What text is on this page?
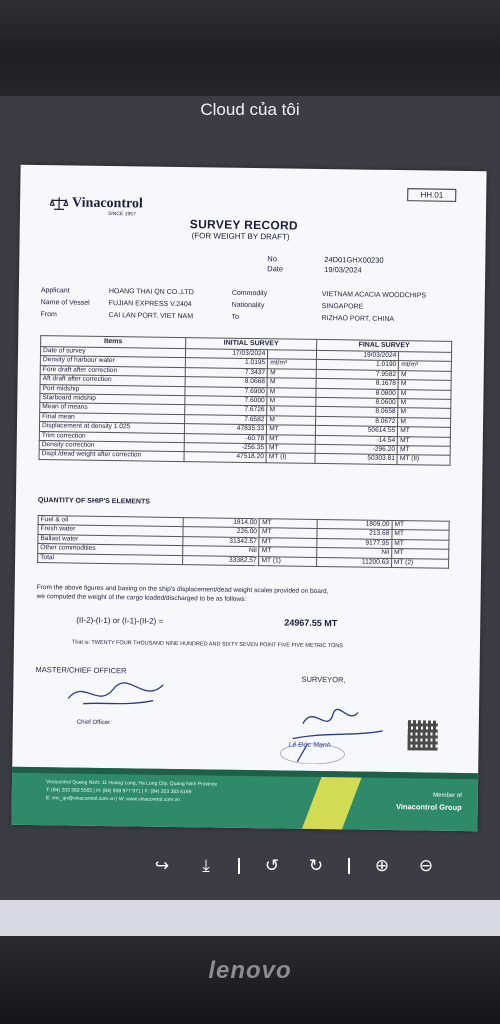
Cloud của tôi
HH.01
Vinacontrol
SINCE 1957
SURVEY RECORD
(FOR WEIGHT BY DRAFT)
No.	24D01GHX00230
Date	19/03/2024
Applicant	HOANG THAI QN CO.,LTD
Name of Vessel	FUJIAN EXPRESS V.2404
From	CAI LAN PORT, VIET NAM
Commodity	VIETNAM ACACIA WOODCHIPS
Nationality	SINGAPORE
To	RIZHAO PORT, CHINA
Items	INITIAL SURVEY		FINAL SURVEY	
Date of survey	17/03/2024		19/03/2024	
Density of harbour water	1.0195	mt/m³	1.0190	mt/m³
Fore draft after correction	7.3437	M	7.9582	M
Aft draft after correction	8.0668	M	8.1678	M
Port midship	7.6900	M	8.0800	M
Starboard midship	7.6000	M	8.0600	M
Mean of means	7.6726	M	8.0658	M
Final mean	7.6582	M	8.0672	M
Displacement at density 1.025	47835.33	MT	50614.55	MT
Trim correction	-60.78	MT	-14.54	MT
Density correction	-256.35	MT	-296.20	MT
Displ./dead weight after correction	47518.20	MT (I)	50303.81	MT (II)
QUANTITY OF SHIP'S ELEMENTS
Fuel & oil	1814.00	MT	1809.00	MT
Fresh water	226.00	MT	213.68	MT
Ballast water	31342.57	MT	9177.95	MT
Other commodities	Nil	MT	Nil	MT
Total	33382.57	MT (1)	11200.63	MT (2)
From the above figures and basing on the ship's displacement/dead weight scales provided on board,
we computed the weight of the cargo loaded/discharged to be as follows:
(II-2)-(I-1) or (I-1)-(II-2) =	24967.55 MT
That is: TWENTY FOUR THOUSAND NINE HUNDRED AND SIXTY SEVEN POINT FIVE FIVE METRIC TONS
MASTER/CHIEF OFFICER
SURVEYOR,
Chief Officer
Lê Đức Mạnh
Vinacontrol Quang Ninh: 11 Hoang Long, Ha Long City, Quang Ninh Province
T: (84) 203 383 5565 | H: (84) 938 977 971 | F: (84) 203 383 6169
E: vnc_qn@vinacontrol.com.vn | W: www.vinacontrol.com.vn	Member of
Vinacontrol Group
↪	⤓	↺ ↻	⊕ ⊖
lenovo
